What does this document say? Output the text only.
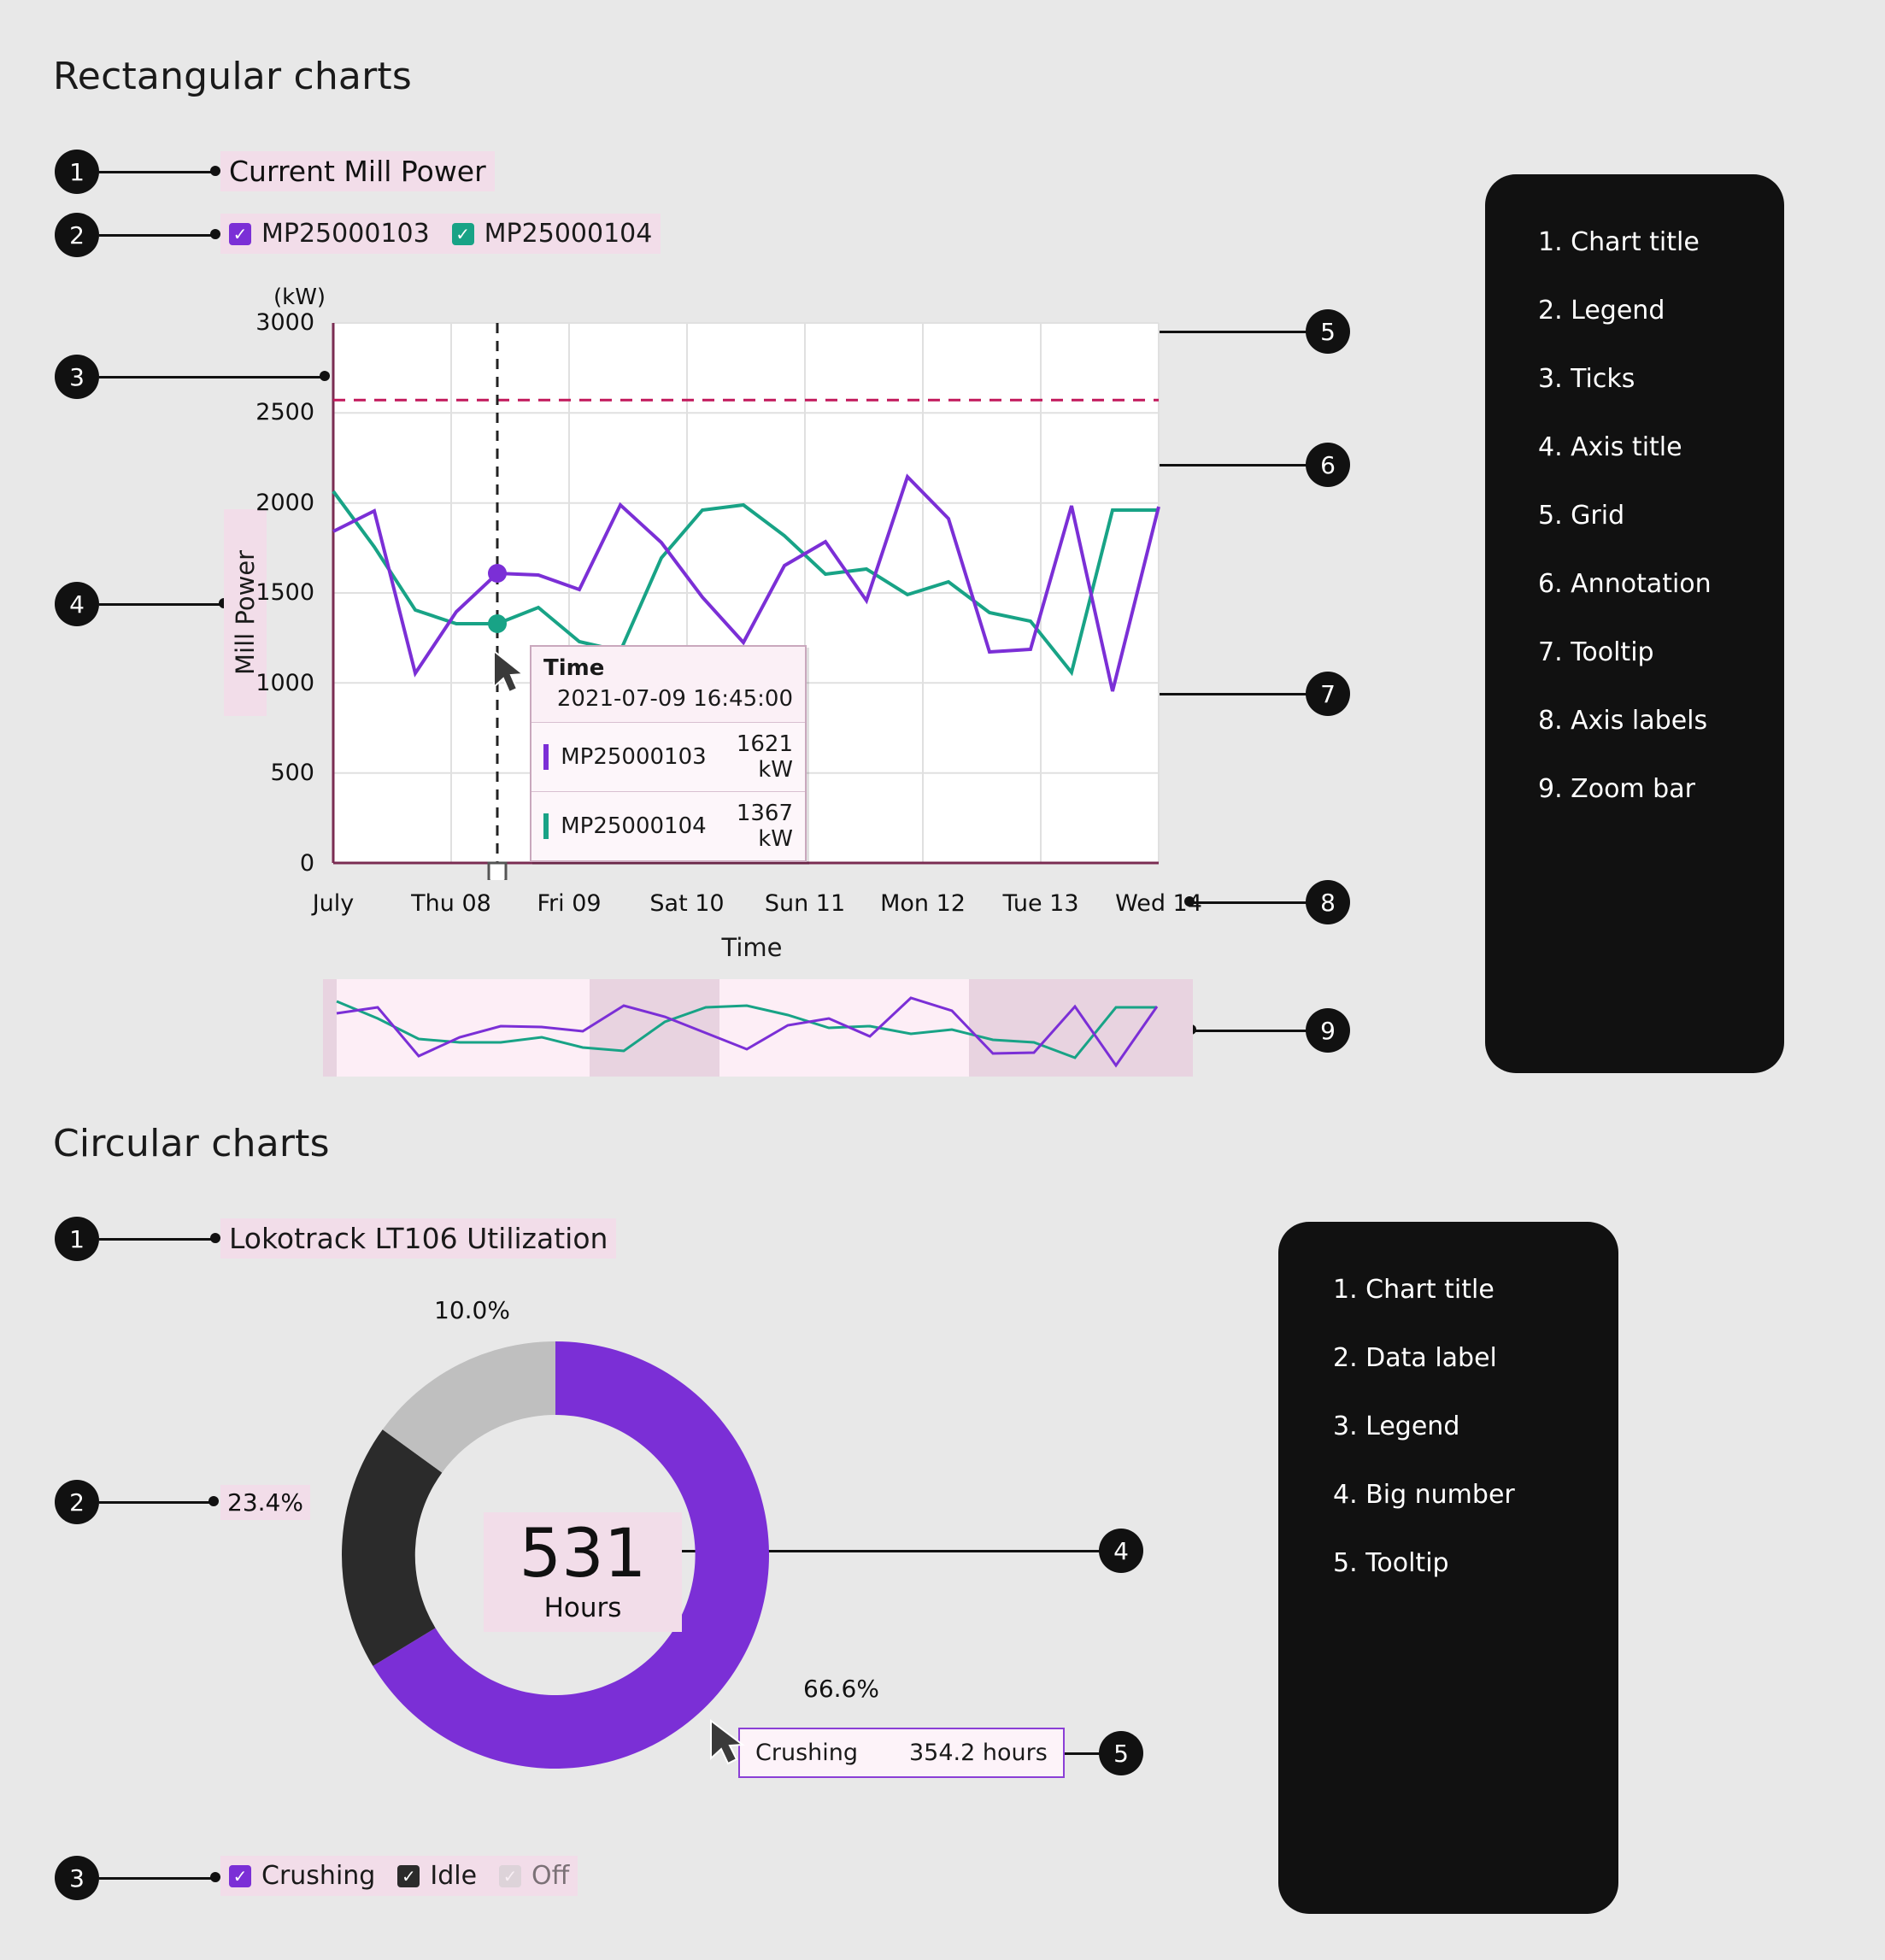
Rectangular charts
1	Current Mill Power
2	✓ MP25000103 ✓ MP25000104
(kW)
3
4	Mill Power
5
6
7
8
9
3000
2500
2000
1500
1000
500
0
July	Thu 08	Fri 09	Sat 10	Sun 11	Mon 12	Tue 13	Wed 14
Time
Time
2021-07-09 16:45:00
MP25000103	1621 kW
MP25000104	1367 kW
1. Chart title
2. Legend
3. Ticks
4. Axis title
5. Grid
6. Annotation
7. Tooltip
8. Axis labels
9. Zoom bar
Circular charts
1	Lokotrack LT106 Utilization
2	23.4%
3	✓ Crushing ✓ Idle ✓ Off
4
5
10.0%
66.6%
531
Hours
Crushing 354.2 hours
1. Chart title
2. Data label
3. Legend
4. Big number
5. Tooltip
